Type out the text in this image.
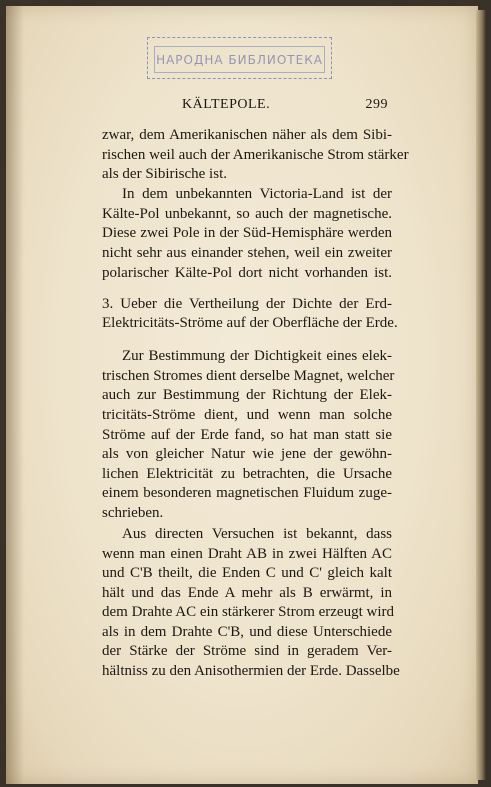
НАРОДНА БИБЛИОТЕКА
KÄLTEPOLE.	299
zwar, dem Amerikanischen näher als dem Sibi-
rischen weil auch der Amerikanische Strom stärker
als der Sibirische ist.
In dem unbekannten Victoria-Land ist der
Kälte-Pol unbekannt, so auch der magnetische.
Diese zwei Pole in der Süd-Hemisphäre werden
nicht sehr aus einander stehen, weil ein zweiter
polarischer Kälte-Pol dort nicht vorhanden ist.
3. Ueber die Vertheilung der Dichte der Erd-
Elektricitäts-Ströme auf der Oberfläche der Erde.
Zur Bestimmung der Dichtigkeit eines elek-
trischen Stromes dient derselbe Magnet, welcher
auch zur Bestimmung der Richtung der Elek-
tricitäts-Ströme dient, und wenn man solche
Ströme auf der Erde fand, so hat man statt sie
als von gleicher Natur wie jene der gewöhn-
lichen Elektricität zu betrachten, die Ursache
einem besonderen magnetischen Fluidum zuge-
schrieben.
Aus directen Versuchen ist bekannt, dass
wenn man einen Draht AB in zwei Hälften AC
und C'B theilt, die Enden C und C' gleich kalt
hält und das Ende A mehr als B erwärmt, in
dem Drahte AC ein stärkerer Strom erzeugt wird
als in dem Drahte C'B, und diese Unterschiede
der Stärke der Ströme sind in geradem Ver-
hältniss zu den Anisothermien der Erde. Dasselbe
